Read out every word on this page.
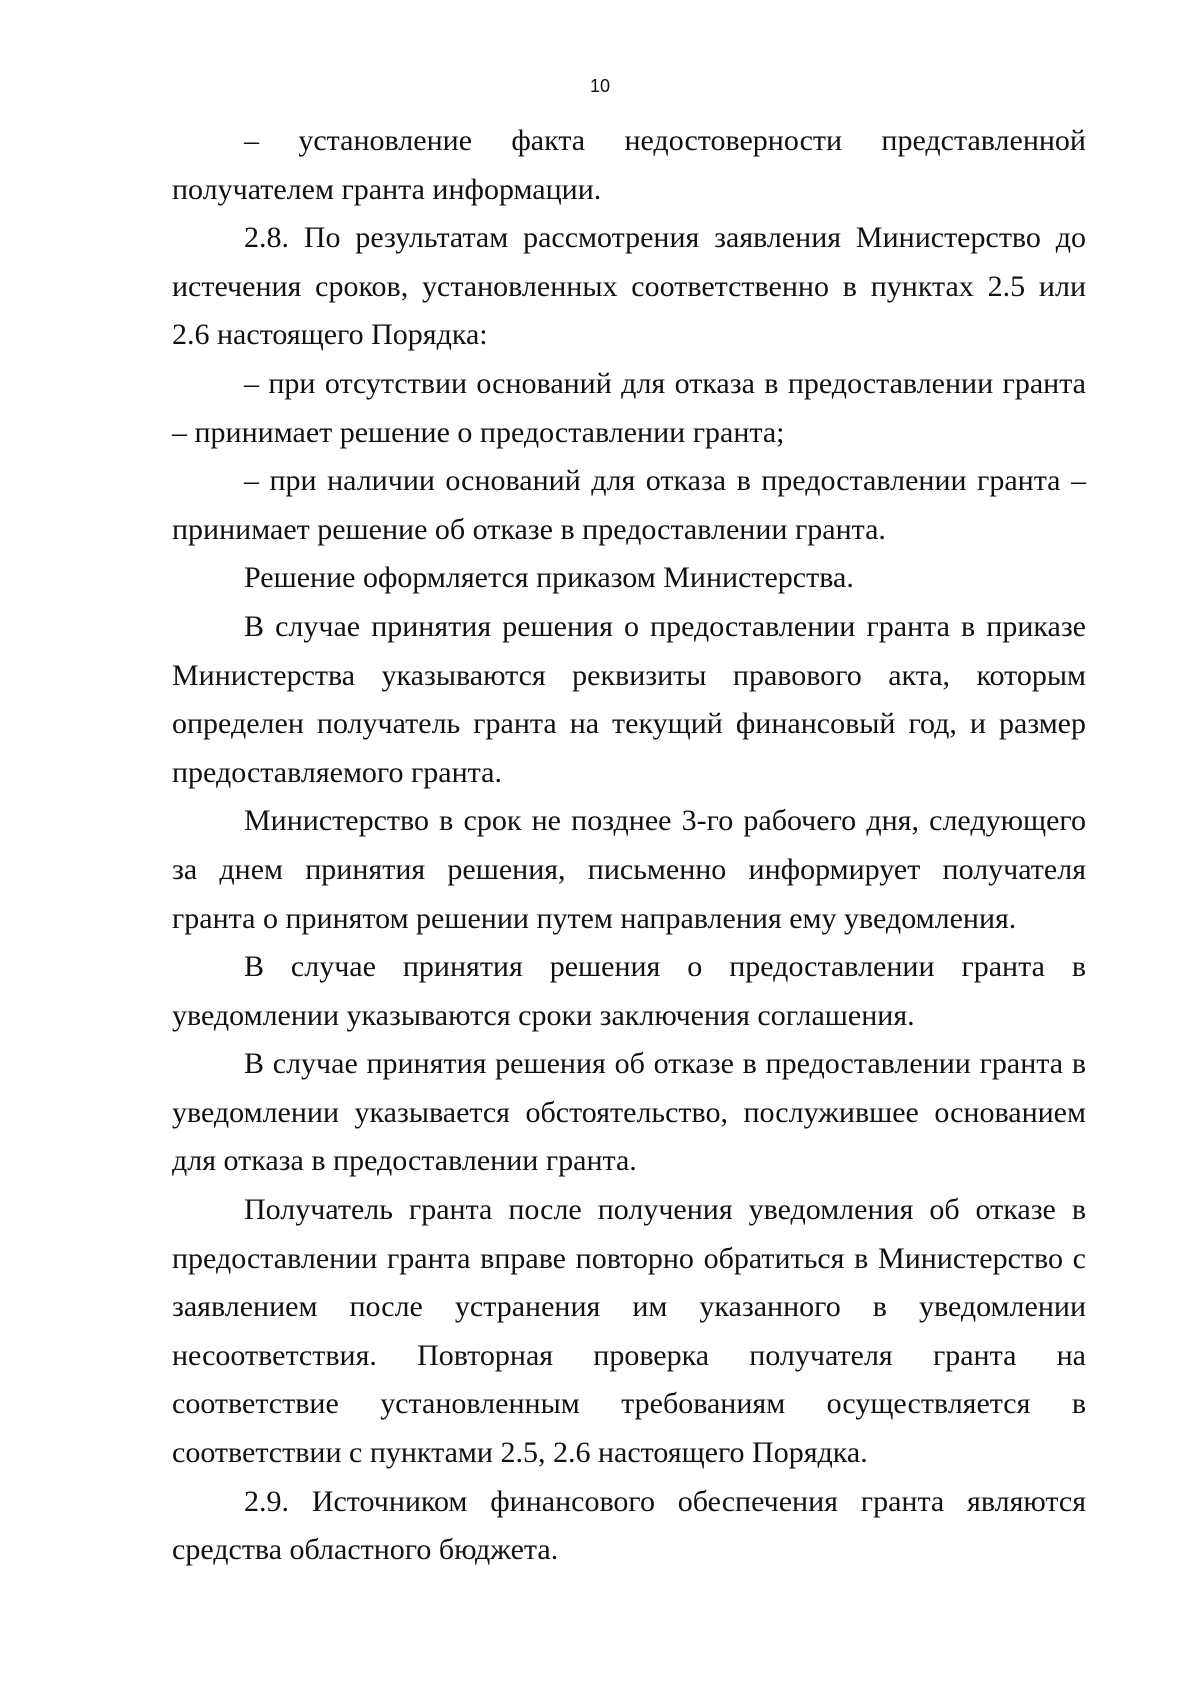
10

– установление факта недостоверности представленной получателем гранта информации.

2.8. По результатам рассмотрения заявления Министерство до истечения сроков, установленных соответственно в пунктах 2.5 или 2.6 настоящего Порядка:

– при отсутствии оснований для отказа в предоставлении гранта – принимает решение о предоставлении гранта;

– при наличии оснований для отказа в предоставлении гранта – принимает решение об отказе в предоставлении гранта.

Решение оформляется приказом Министерства.

В случае принятия решения о предоставлении гранта в приказе Министерства указываются реквизиты правового акта, которым определен получатель гранта на текущий финансовый год, и размер предоставляемого гранта.

Министерство в срок не позднее 3-го рабочего дня, следующего за днем принятия решения, письменно информирует получателя гранта о принятом решении путем направления ему уведомления.

В случае принятия решения о предоставлении гранта в уведомлении указываются сроки заключения соглашения.

В случае принятия решения об отказе в предоставлении гранта в уведомлении указывается обстоятельство, послужившее основанием для отказа в предоставлении гранта.

Получатель гранта после получения уведомления об отказе в предоставлении гранта вправе повторно обратиться в Министерство с заявлением после устранения им указанного в уведомлении несоответствия. Повторная проверка получателя гранта на соответствие установленным требованиям осуществляется в соответствии с пунктами 2.5, 2.6 настоящего Порядка.

2.9. Источником финансового обеспечения гранта являются средства областного бюджета.
